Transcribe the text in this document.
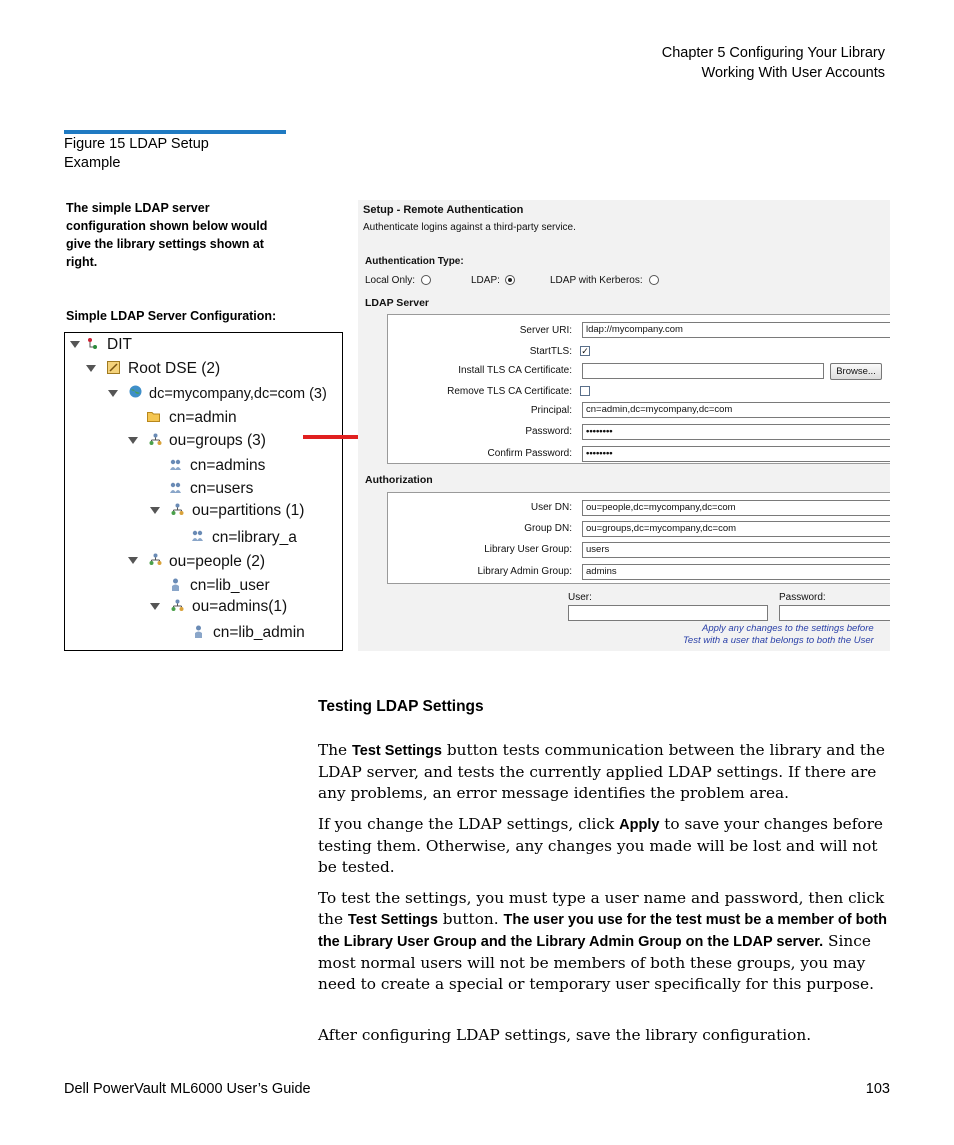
Chapter 5 Configuring Your Library
Working With User Accounts
Figure 15 LDAP Setup
Example
The simple LDAP server
configuration shown below would
give the library settings shown at
right.
Simple LDAP Server Configuration:
DIT
Root DSE (2)
dc=mycompany,dc=com (3)
cn=admin
ou=groups (3)
cn=admins
cn=users
ou=partitions (1)
cn=library_a
ou=people (2)
cn=lib_user
ou=admins(1)
cn=lib_admin
Setup - Remote Authentication
Authenticate logins against a third-party service.
Authentication Type:
Local Only:	LDAP:	LDAP with Kerberos:
LDAP Server
Server URI:	ldap://mycompany.com
StartTLS: ✓
Install TLS CA Certificate:	Browse...
Remove TLS CA Certificate:
Principal:	cn=admin,dc=mycompany,dc=com
Password:	••••••••
Confirm Password:	••••••••
Authorization
User DN:	ou=people,dc=mycompany,dc=com
Group DN:	ou=groups,dc=mycompany,dc=com
Library User Group:	users
Library Admin Group:	admins
User:	Password:
Apply any changes to the settings before
Test with a user that belongs to both the User
Testing LDAP Settings
The Test Settings button tests communication between the library and the LDAP server, and tests the currently applied LDAP settings. If there are any problems, an error message identifies the problem area.
If you change the LDAP settings, click Apply to save your changes before testing them. Otherwise, any changes you made will be lost and will not be tested.
To test the settings, you must type a user name and password, then click the Test Settings button. The user you use for the test must be a member of both the Library User Group and the Library Admin Group on the LDAP server. Since most normal users will not be members of both these groups, you may need to create a special or temporary user specifically for this purpose.
After configuring LDAP settings, save the library configuration.
Dell PowerVault ML6000 User’s Guide	103
